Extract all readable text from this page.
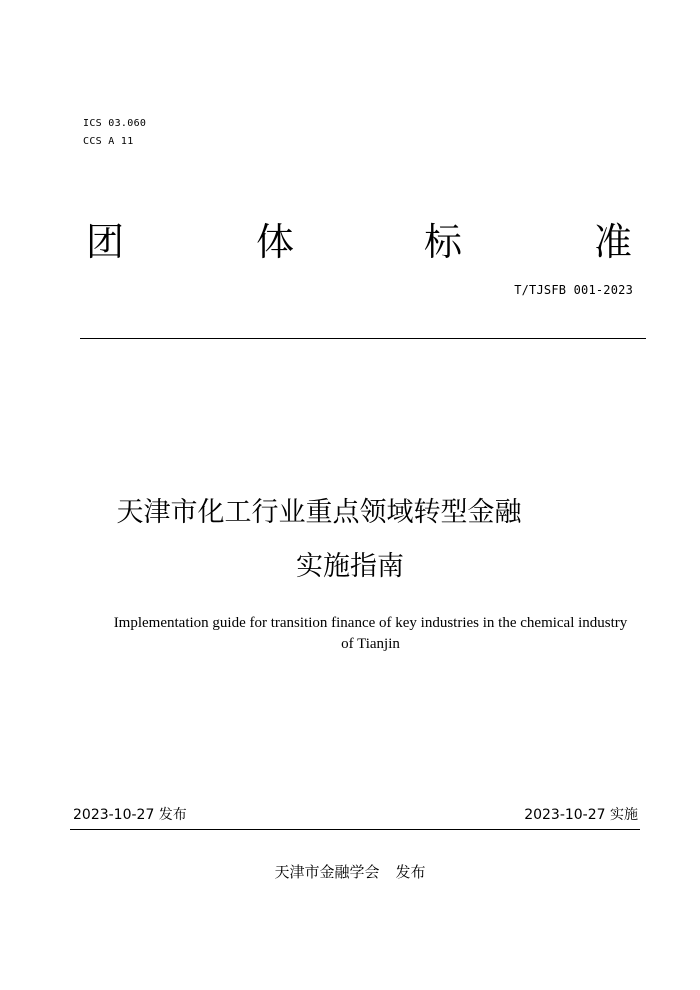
ICS 03.060
CCS A 11
团	体	标	准
T/TJSFB 001-2023
天津市化工行业重点领域转型金融
实施指南
Implementation guide for transition finance of key industries in the chemical industry of Tianjin
2023-10-27 发布	2023-10-27 实施
天津市金融学会 发布
